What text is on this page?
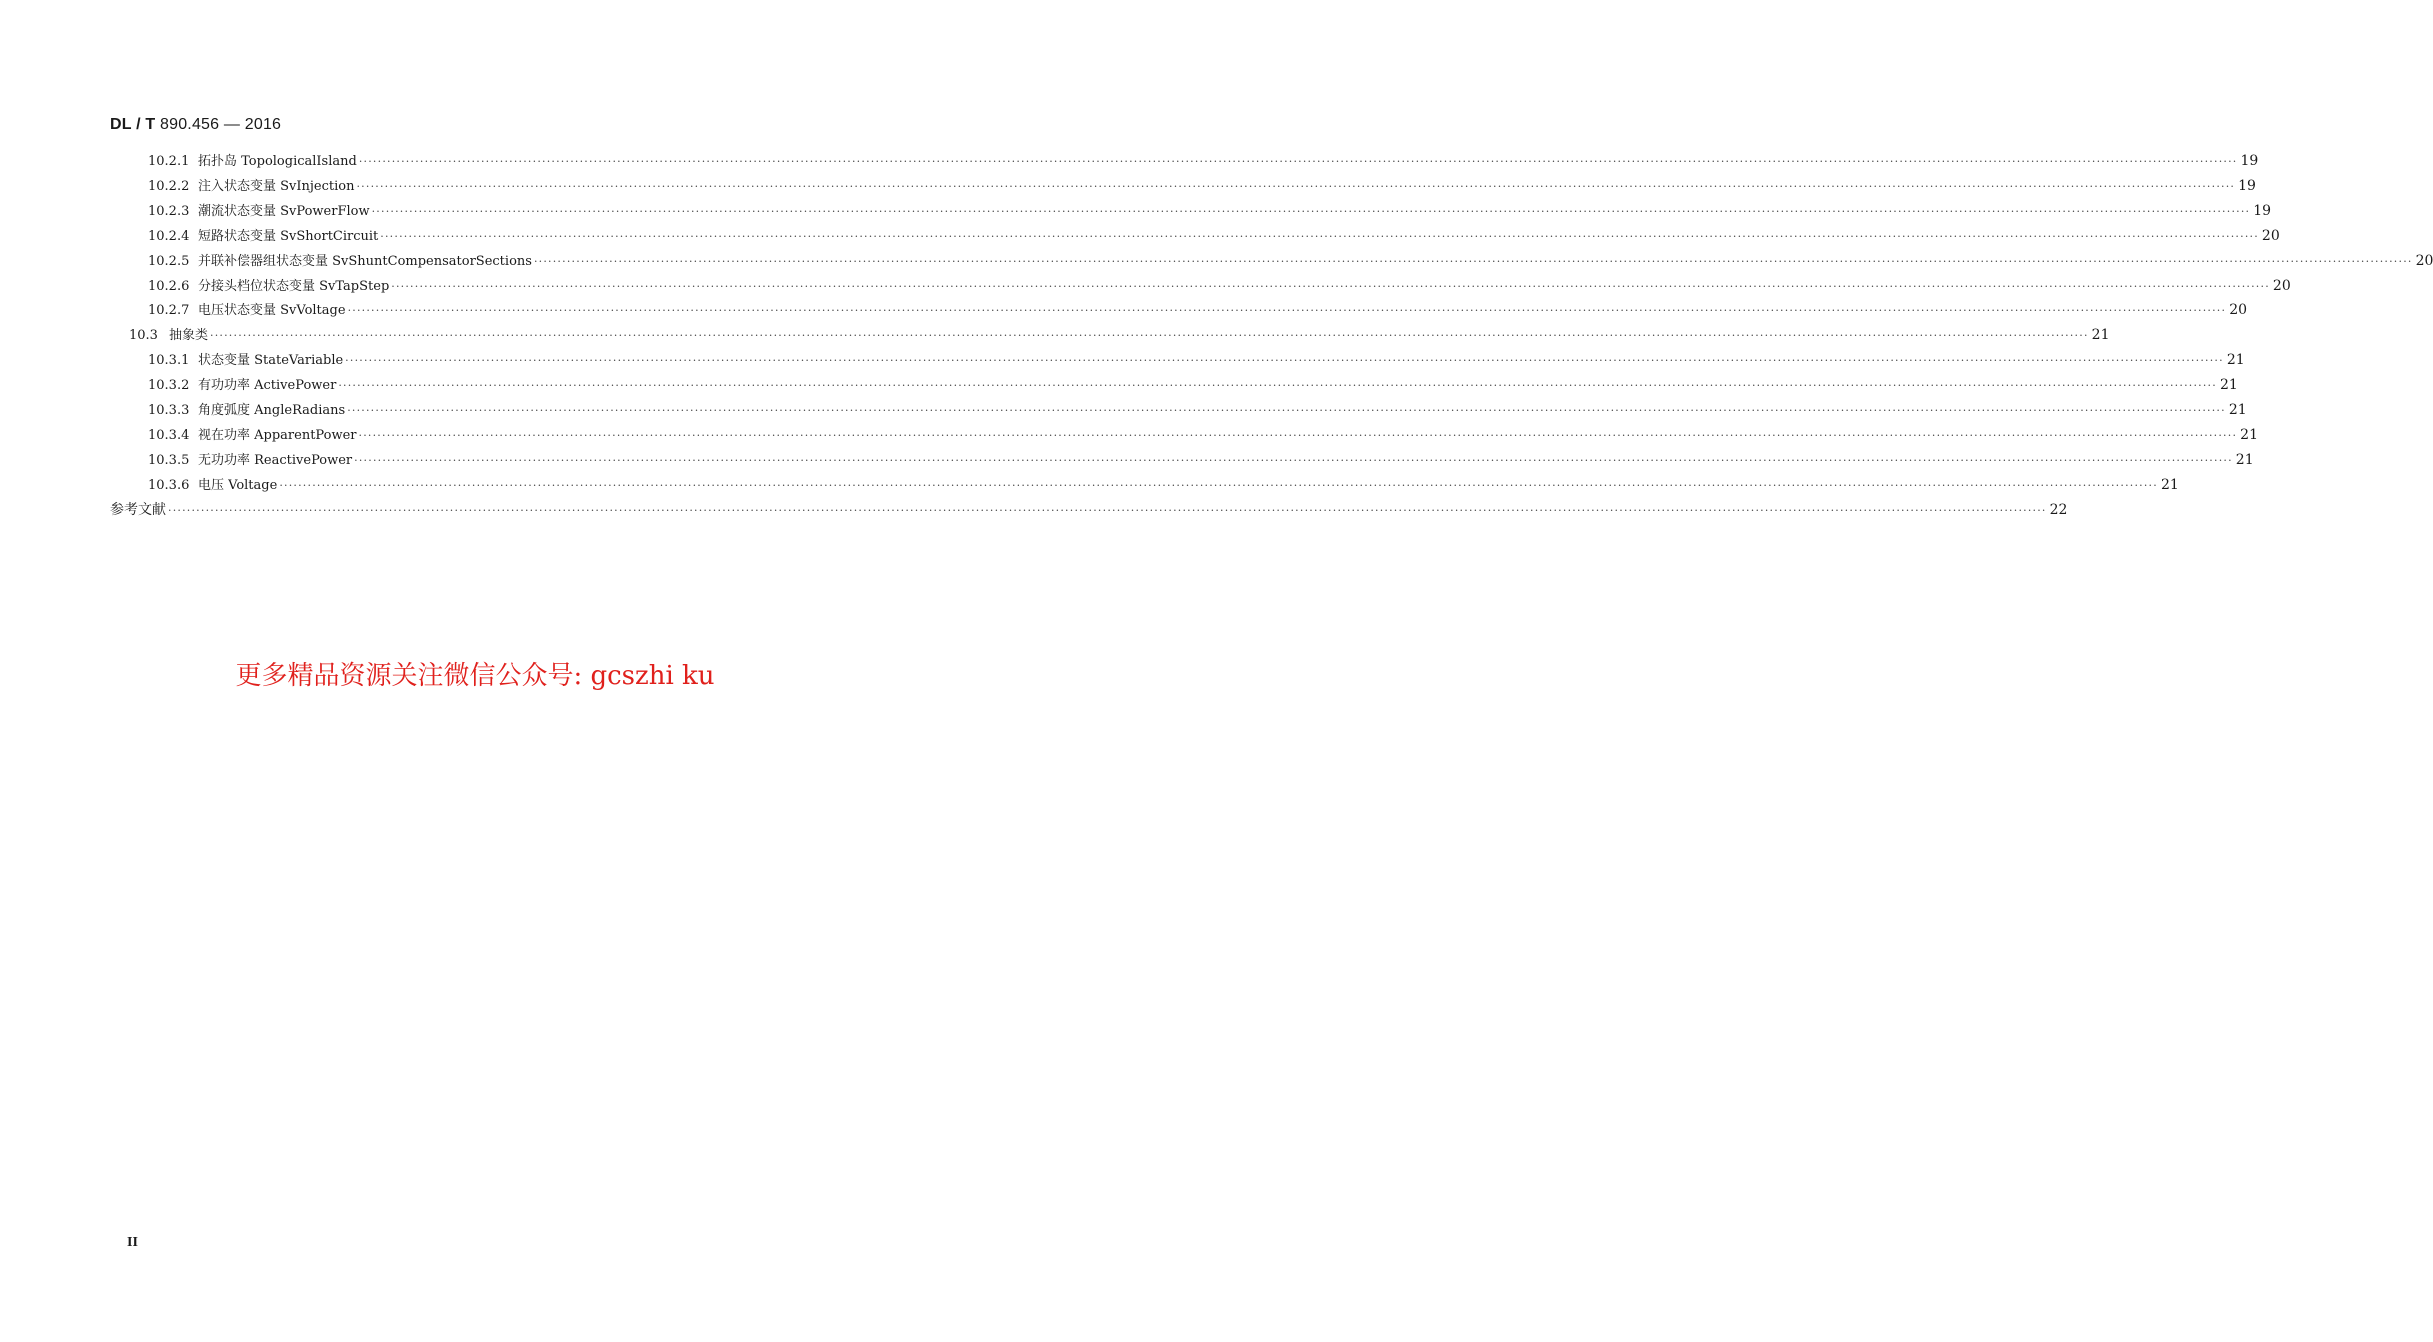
DL / T 890.456 — 2016
10.2.1 拓扑岛 TopologicalIsland ················································································································································································································································································································································································································ 19
10.2.2 注入状态变量 SvInjection ················································································································································································································································································································································································································ 19
10.2.3 潮流状态变量 SvPowerFlow ················································································································································································································································································································································································································ 19
10.2.4 短路状态变量 SvShortCircuit ················································································································································································································································································································································································································ 20
10.2.5 并联补偿器组状态变量 SvShuntCompensatorSections ················································································································································································································································································································································································································ 20
10.2.6 分接头档位状态变量 SvTapStep ················································································································································································································································································································································································································ 20
10.2.7 电压状态变量 SvVoltage ················································································································································································································································································································································································································ 20
10.3 抽象类 ················································································································································································································································································································································································································ 21
10.3.1 状态变量 StateVariable ················································································································································································································································································································································································································ 21
10.3.2 有功功率 ActivePower ················································································································································································································································································································································································································ 21
10.3.3 角度弧度 AngleRadians ················································································································································································································································································································································································································ 21
10.3.4 视在功率 ApparentPower ················································································································································································································································································································································································································ 21
10.3.5 无功功率 ReactivePower ················································································································································································································································································································································································································ 21
10.3.6 电压 Voltage ················································································································································································································································································································································································································ 21
参考文献 ················································································································································································································································································································································································································ 22
更多精品资源关注微信公众号: gcszhi ku
II
